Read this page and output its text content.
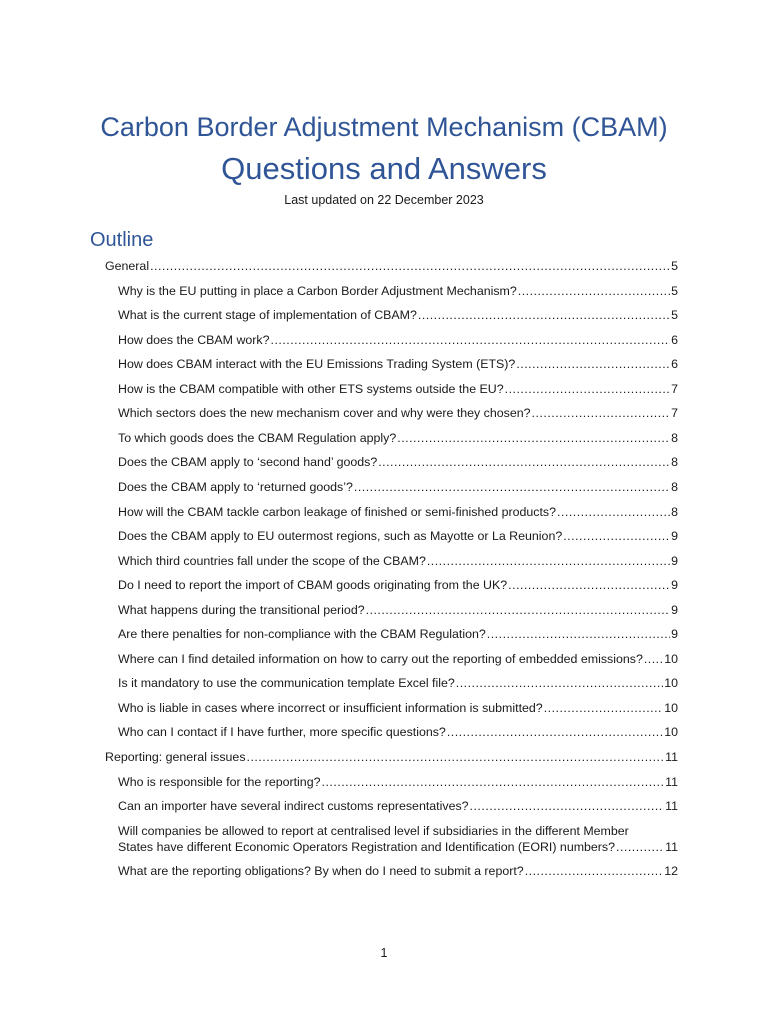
Carbon Border Adjustment Mechanism (CBAM)
Questions and Answers
Last updated on 22 December 2023
Outline
General .....	5
Why is the EU putting in place a Carbon Border Adjustment Mechanism? .....	5
What is the current stage of implementation of CBAM? .....	5
How does the CBAM work? .....	6
How does CBAM interact with the EU Emissions Trading System (ETS)? .....	6
How is the CBAM compatible with other ETS systems outside the EU? .....	7
Which sectors does the new mechanism cover and why were they chosen? .....	7
To which goods does the CBAM Regulation apply? .....	8
Does the CBAM apply to ‘second hand’ goods? .....	8
Does the CBAM apply to ‘returned goods’? .....	8
How will the CBAM tackle carbon leakage of finished or semi-finished products? .....	8
Does the CBAM apply to EU outermost regions, such as Mayotte or La Reunion? .....	9
Which third countries fall under the scope of the CBAM? .....	9
Do I need to report the import of CBAM goods originating from the UK? .....	9
What happens during the transitional period? .....	9
Are there penalties for non-compliance with the CBAM Regulation? .....	9
Where can I find detailed information on how to carry out the reporting of embedded emissions? ..... 10
Is it mandatory to use the communication template Excel file? .....	10
Who is liable in cases where incorrect or insufficient information is submitted? .....	10
Who can I contact if I have further, more specific questions? .....	10
Reporting: general issues .....	11
Who is responsible for the reporting? .....	11
Can an importer have several indirect customs representatives? .....	11
Will companies be allowed to report at centralised level if subsidiaries in the different Member
States have different Economic Operators Registration and Identification (EORI) numbers? .....	11
What are the reporting obligations? By when do I need to submit a report? .....	12
1
